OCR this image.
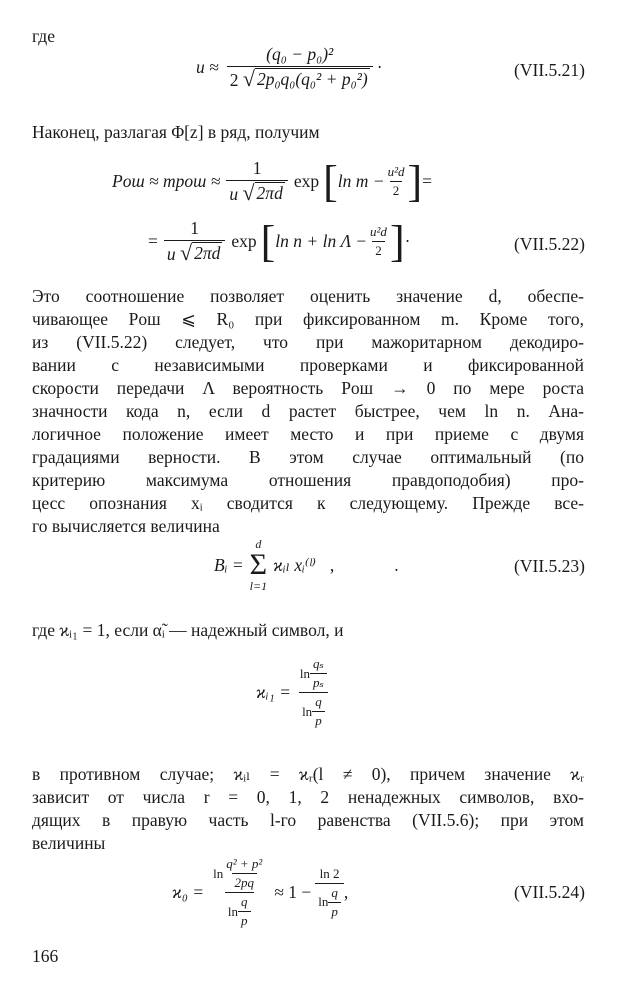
где
$u \approx \frac{\text{(q₀ − p₀)²}}{\text{2 √ 2p₀q₀(q₀² + p₀²)}}$ ·	(VII.5.21)
Наконец, разлагая Φ[z] в ряд, получим
Pош ≈ mpош ≈ $\frac{1}{u √ 2\pi d}$ exp [ $\ln m - \frac{\text{u²d}}{2}$ ] =
= $\frac{1}{u √ 2\pi d}$ exp [ $\ln n + \ln \Lambda - \frac{\text{u²d}}{2}$ ] ·	(VII.5.22)
Это соотношение позволяет оценить значение d, обеспе-
чивающее Pош ⩽ R₀ при фиксированном m. Кроме того,
из (VII.5.22) следует, что при мажоритарном декодиро-
вании с независимыми проверками и фиксированной
скорости передачи Λ вероятность Pош → 0 по мере роста
значности кода n, если d растет быстрее, чем ln n. Ана-
логичное положение имеет место и при приеме с двумя
градациями верности. В этом случае оптимальный (по
критерию максимума отношения правдоподобия) про-
цесс опознания xᵢ сводится к следующему. Прежде все-
го вычисляется величина
Bᵢ =
d
Σ
l=1
ϰᵢₗ xᵢ⁽ˡ⁾ ,	.	(VII.5.23)
где ϰᵢ₁ = 1, если α̃ᵢ — надежный символ, и
ϰᵢ₁ = $\frac{\ln \frac{\text{qₛ}}{\text{pₛ}}}{\ln \frac{q}{p}}$
в противном случае; ϰᵢₗ = ϰᵣ(l ≠ 0), причем значение ϰᵣ
зависит от числа r = 0, 1, 2 ненадежных символов, вхо-
дящих в правую часть l-го равенства (VII.5.6); при этом
величины
$ϰ_0 = \frac{\ln \frac{\text{q² + p²}}{2pq}}{\ln \frac{q}{p}} \approx 1 - \frac{\ln 2}{\ln \frac{q}{p}}$ ,	(VII.5.24)
166
